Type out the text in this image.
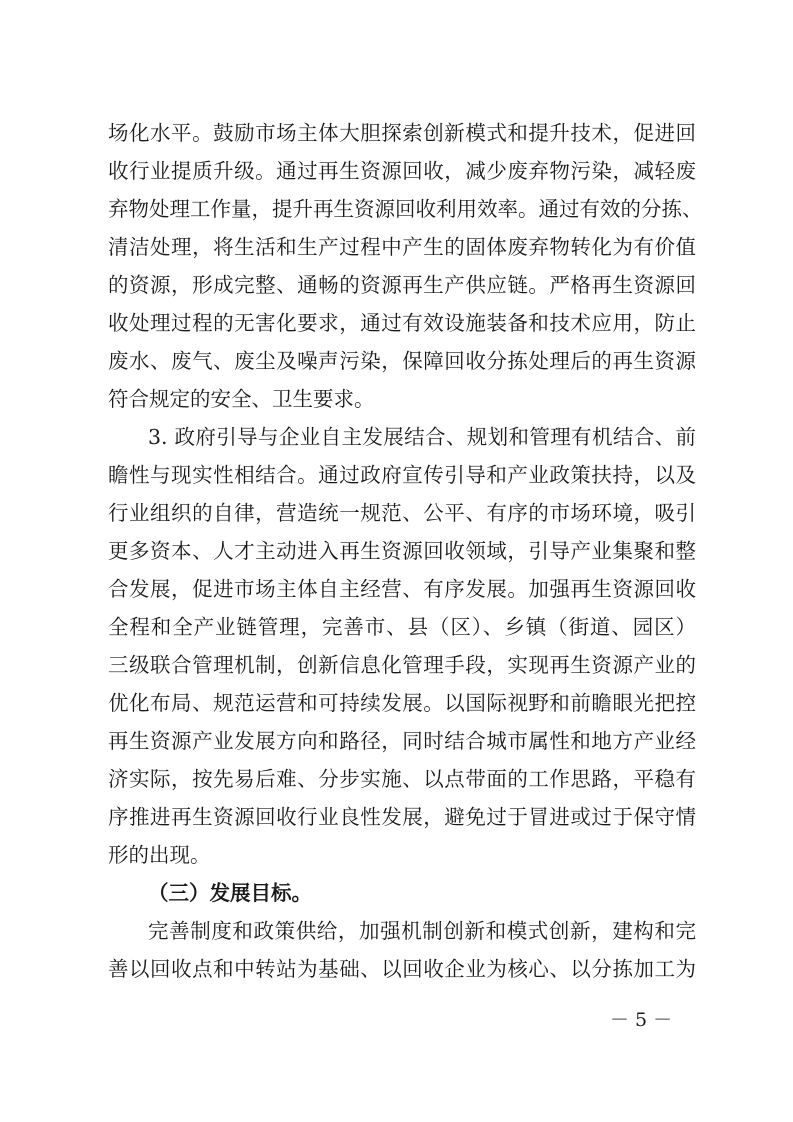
场化水平。鼓励市场主体大胆探索创新模式和提升技术，促进回
收行业提质升级。通过再生资源回收，减少废弃物污染，减轻废
弃物处理工作量，提升再生资源回收利用效率。通过有效的分拣、
清洁处理，将生活和生产过程中产生的固体废弃物转化为有价值
的资源，形成完整、通畅的资源再生产供应链。严格再生资源回
收处理过程的无害化要求，通过有效设施装备和技术应用，防止
废水、废气、废尘及噪声污染，保障回收分拣处理后的再生资源
符合规定的安全、卫生要求。
3. 政府引导与企业自主发展结合、规划和管理有机结合、前
瞻性与现实性相结合。通过政府宣传引导和产业政策扶持，以及
行业组织的自律，营造统一规范、公平、有序的市场环境，吸引
更多资本、人才主动进入再生资源回收领域，引导产业集聚和整
合发展，促进市场主体自主经营、有序发展。加强再生资源回收
全程和全产业链管理，完善市、县（区）、乡镇（街道、园区）
三级联合管理机制，创新信息化管理手段，实现再生资源产业的
优化布局、规范运营和可持续发展。以国际视野和前瞻眼光把控
再生资源产业发展方向和路径，同时结合城市属性和地方产业经
济实际，按先易后难、分步实施、以点带面的工作思路，平稳有
序推进再生资源回收行业良性发展，避免过于冒进或过于保守情
形的出现。
（三）发展目标。
完善制度和政策供给，加强机制创新和模式创新，建构和完
善以回收点和中转站为基础、以回收企业为核心、以分拣加工为
－ 5 －
